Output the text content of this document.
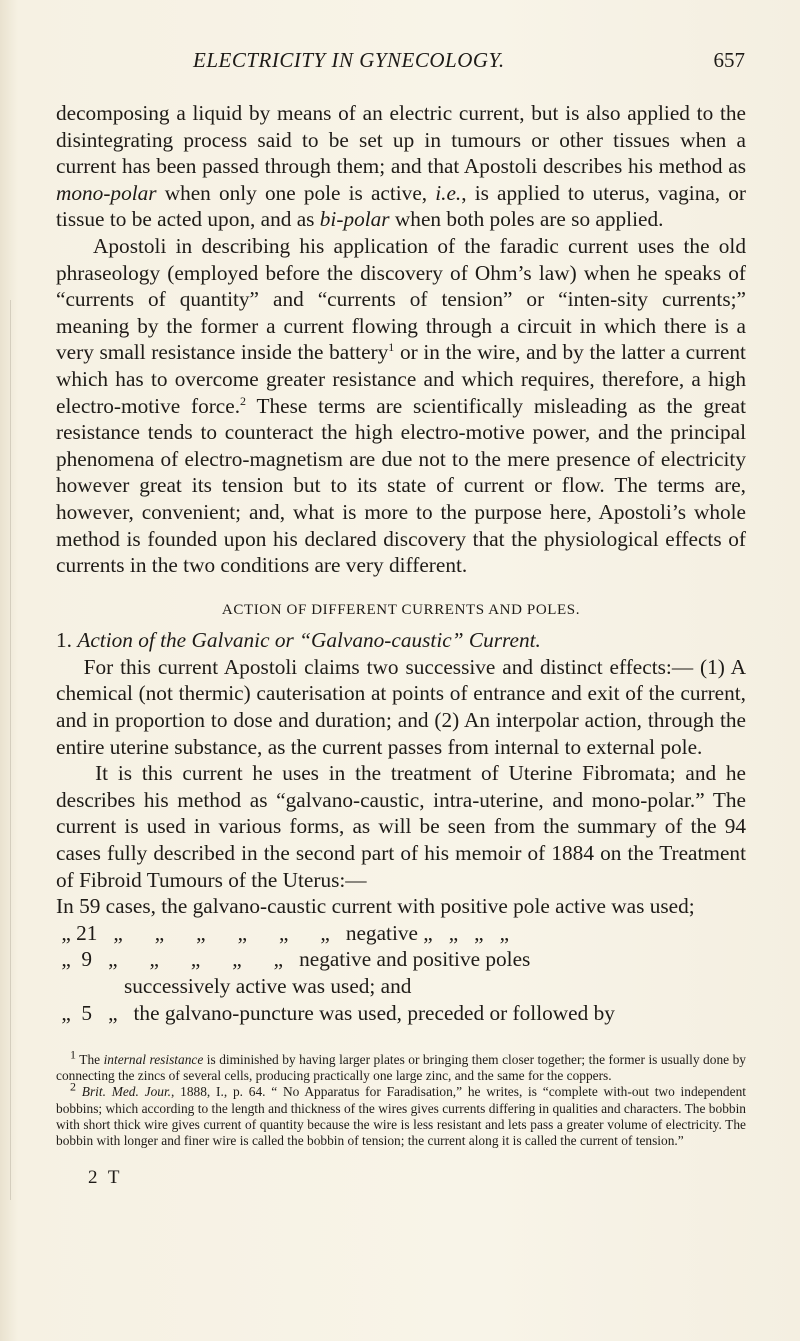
ELECTRICITY IN GYNECOLOGY.	657

decomposing a liquid by means of an electric current, but is also applied to the disintegrating process said to be set up in tumours or other tissues when a current has been passed through them; and that Apostoli describes his method as mono-polar when only one pole is active, i.e., is applied to uterus, vagina, or tissue to be acted upon, and as bi-polar when both poles are so applied.

Apostoli in describing his application of the faradic current uses the old phraseology (employed before the discovery of Ohm’s law) when he speaks of “currents of quantity” and “currents of tension” or “inten-sity currents;” meaning by the former a current flowing through a circuit in which there is a very small resistance inside the battery$^1$ or in the wire, and by the latter a current which has to overcome greater resistance and which requires, therefore, a high electro-motive force.$^2$ These terms are scientifically misleading as the great resistance tends to counteract the high electro-motive power, and the principal phenomena of electro-magnetism are due not to the mere presence of electricity however great its tension but to its state of current or flow. The terms are, however, convenient; and, what is more to the purpose here, Apostoli’s whole method is founded upon his declared discovery that the physiological effects of currents in the two conditions are very different.

ACTION OF DIFFERENT CURRENTS AND POLES.

1. Action of the Galvanic or “Galvano-caustic” Current.

For this current Apostoli claims two successive and distinct effects:— (1) A chemical (not thermic) cauterisation at points of entrance and exit of the current, and in proportion to dose and duration; and (2) An interpolar action, through the entire uterine substance, as the current passes from internal to external pole.

It is this current he uses in the treatment of Uterine Fibromata; and he describes his method as “galvano-caustic, intra-uterine, and mono-polar.” The current is used in various forms, as will be seen from the summary of the 94 cases fully described in the second part of his memoir of 1884 on the Treatment of Fibroid Tumours of the Uterus:—

In 59 cases, the galvano-caustic current with positive pole active was used;

„ 21
„      „      „      „      „      „
negative „   „   „   „

„  9
„      „      „      „      „
negative and positive poles
successively active was used; and

„  5
„
the galvano-puncture was used, preceded or followed by

$^1$ The internal resistance is diminished by having larger plates or bringing them closer together; the former is usually done by connecting the zincs of several cells, producing practically one large zinc, and the same for the coppers.

$^2$ Brit. Med. Jour., 1888, I., p. 64. “ No Apparatus for Faradisation,” he writes, is “complete with-out two independent bobbins; which according to the length and thickness of the wires gives currents differing in qualities and characters. The bobbin with short thick wire gives current of quantity because the wire is less resistant and lets pass a greater volume of electricity. The bobbin with longer and finer wire is called the bobbin of tension; the current along it is called the current of tension.”

2 T
